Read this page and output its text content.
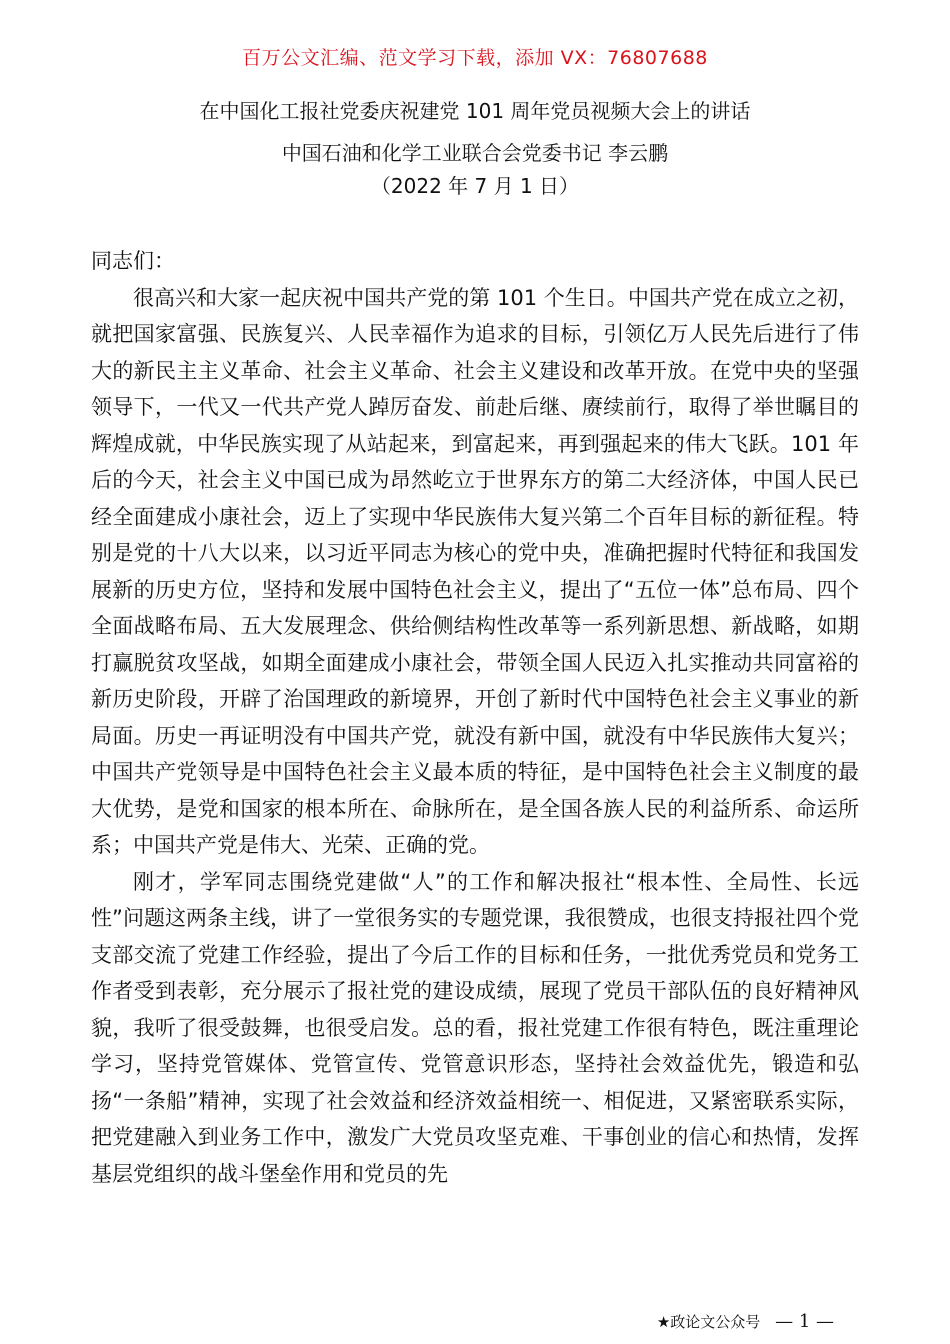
百万公文汇编、范文学习下载，添加 VX：76807688
在中国化工报社党委庆祝建党 101 周年党员视频大会上的讲话
中国石油和化学工业联合会党委书记 李云鹏
（2022 年 7 月 1 日）

同志们：

很高兴和大家一起庆祝中国共产党的第 101 个生日。中国共产党在成立之初，就把国家富强、民族复兴、人民幸福作为追求的目标，引领亿万人民先后进行了伟大的新民主主义革命、社会主义革命、社会主义建设和改革开放。在党中央的坚强领导下，一代又一代共产党人踔厉奋发、前赴后继、赓续前行，取得了举世瞩目的辉煌成就，中华民族实现了从站起来，到富起来，再到强起来的伟大飞跃。101 年后的今天，社会主义中国已成为昂然屹立于世界东方的第二大经济体，中国人民已经全面建成小康社会，迈上了实现中华民族伟大复兴第二个百年目标的新征程。特别是党的十八大以来，以习近平同志为核心的党中央，准确把握时代特征和我国发展新的历史方位，坚持和发展中国特色社会主义，提出了“五位一体”总布局、四个全面战略布局、五大发展理念、供给侧结构性改革等一系列新思想、新战略，如期打赢脱贫攻坚战，如期全面建成小康社会，带领全国人民迈入扎实推动共同富裕的新历史阶段，开辟了治国理政的新境界，开创了新时代中国特色社会主义事业的新局面。历史一再证明没有中国共产党，就没有新中国，就没有中华民族伟大复兴；中国共产党领导是中国特色社会主义最本质的特征，是中国特色社会主义制度的最大优势，是党和国家的根本所在、命脉所在，是全国各族人民的利益所系、命运所系；中国共产党是伟大、光荣、正确的党。

刚才，学军同志围绕党建做“人”的工作和解决报社“根本性、全局性、长远性”问题这两条主线，讲了一堂很务实的专题党课，我很赞成，也很支持报社四个党支部交流了党建工作经验，提出了今后工作的目标和任务，一批优秀党员和党务工作者受到表彰，充分展示了报社党的建设成绩，展现了党员干部队伍的良好精神风貌，我听了很受鼓舞，也很受启发。总的看，报社党建工作很有特色，既注重理论学习，坚持党管媒体、党管宣传、党管意识形态，坚持社会效益优先，锻造和弘扬“一条船”精神，实现了社会效益和经济效益相统一、相促进，又紧密联系实际，把党建融入到业务工作中，激发广大党员攻坚克难、干事创业的信心和热情，发挥基层党组织的战斗堡垒作用和党员的先

★政论文公众号 — 1 —
